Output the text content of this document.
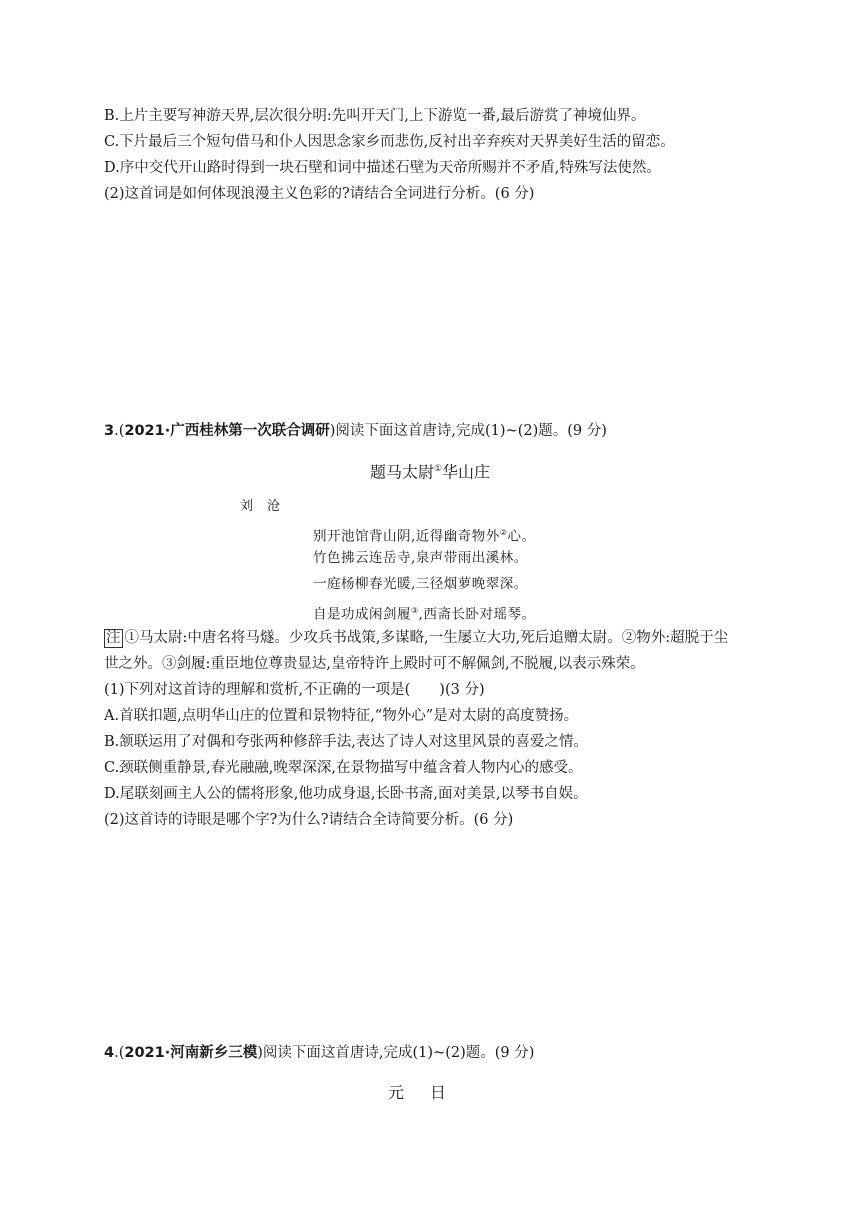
B.上片主要写神游天界,层次很分明:先叫开天门,上下游览一番,最后游赏了神境仙界。
C.下片最后三个短句借马和仆人因思念家乡而悲伤,反衬出辛弃疾对天界美好生活的留恋。
D.序中交代开山路时得到一块石壁和词中描述石壁为天帝所赐并不矛盾,特殊写法使然。
(2)这首词是如何体现浪漫主义色彩的?请结合全词进行分析。(6 分)
3.(2021·广西桂林第一次联合调研)阅读下面这首唐诗,完成(1)~(2)题。(9 分)
题马太尉①华山庄
刘沧
别开池馆背山阴,近得幽奇物外②心。
竹色拂云连岳寺,泉声带雨出溪林。
一庭杨柳春光暖,三径烟萝晚翠深。
自是功成闲剑履③,西斋长卧对瑶琴。
注 ①马太尉:中唐名将马燧。少攻兵书战策,多谋略,一生屡立大功,死后追赠太尉。②物外:超脱于尘
世之外。③剑履:重臣地位尊贵显达,皇帝特许上殿时可不解佩剑,不脱履,以表示殊荣。
(1)下列对这首诗的理解和赏析,不正确的一项是(　　)(3 分)
A.首联扣题,点明华山庄的位置和景物特征,“物外心”是对太尉的高度赞扬。
B.颔联运用了对偶和夸张两种修辞手法,表达了诗人对这里风景的喜爱之情。
C.颈联侧重静景,春光融融,晚翠深深,在景物描写中蕴含着人物内心的感受。
D.尾联刻画主人公的儒将形象,他功成身退,长卧书斋,面对美景,以琴书自娱。
(2)这首诗的诗眼是哪个字?为什么?请结合全诗简要分析。(6 分)
4.(2021·河南新乡三模)阅读下面这首唐诗,完成(1)~(2)题。(9 分)
元日
